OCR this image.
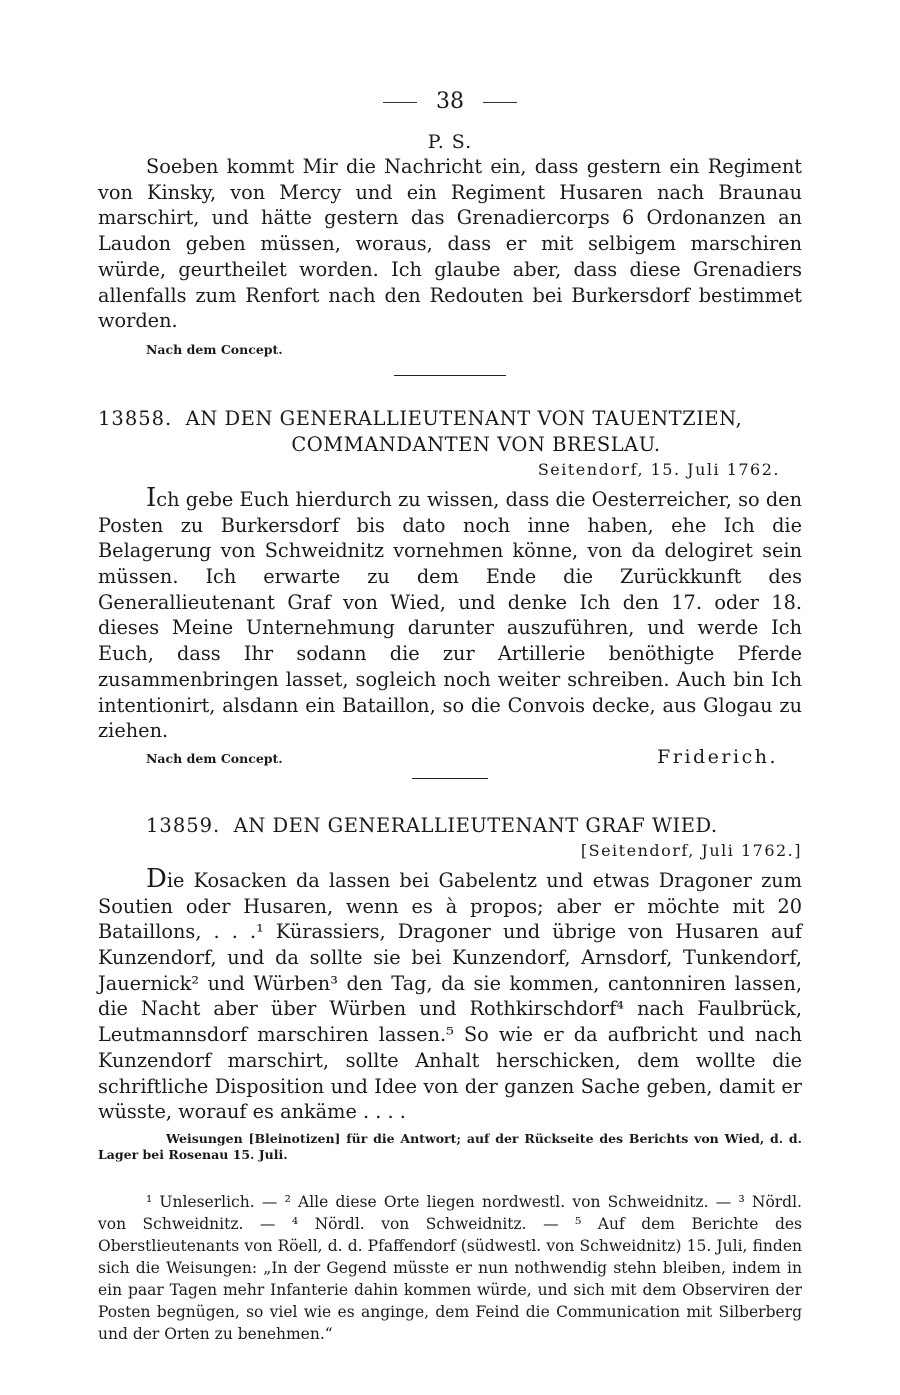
38
P. S.

Soeben kommt Mir die Nachricht ein, dass gestern ein Regiment von Kinsky, von Mercy und ein Regiment Husaren nach Braunau marschirt, und hätte gestern das Grenadiercorps 6 Ordonanzen an Laudon geben müssen, woraus, dass er mit selbigem marschiren würde, geurtheilet worden. Ich glaube aber, dass diese Grenadiers allenfalls zum Renfort nach den Redouten bei Burkersdorf bestimmet worden.

Nach dem Concept.
13858. AN DEN GENERALLIEUTENANT VON TAUENTZIEN,
COMMANDANTEN VON BRESLAU.
Seitendorf, 15. Juli 1762.

Ich gebe Euch hierdurch zu wissen, dass die Oesterreicher, so den Posten zu Burkersdorf bis dato noch inne haben, ehe Ich die Belagerung von Schweidnitz vornehmen könne, von da delogiret sein müssen. Ich erwarte zu dem Ende die Zurückkunft des Generallieutenant Graf von Wied, und denke Ich den 17. oder 18. dieses Meine Unternehmung darunter auszuführen, und werde Ich Euch, dass Ihr sodann die zur Artillerie benöthigte Pferde zusammenbringen lasset, sogleich noch weiter schreiben. Auch bin Ich intentionirt, alsdann ein Bataillon, so die Convois decke, aus Glogau zu ziehen.

Nach dem Concept.	Friderich.
13859. AN DEN GENERALLIEUTENANT GRAF WIED.
[Seitendorf, Juli 1762.]

Die Kosacken da lassen bei Gabelentz und etwas Dragoner zum Soutien oder Husaren, wenn es à propos; aber er möchte mit 20 Bataillons, . . .¹ Kürassiers, Dragoner und übrige von Husaren auf Kunzendorf, und da sollte sie bei Kunzendorf, Arnsdorf, Tunkendorf, Jauernick² und Würben³ den Tag, da sie kommen, cantonniren lassen, die Nacht aber über Würben und Rothkirschdorf⁴ nach Faulbrück, Leutmannsdorf marschiren lassen.⁵ So wie er da aufbricht und nach Kunzendorf marschirt, sollte Anhalt herschicken, dem wollte die schriftliche Disposition und Idee von der ganzen Sache geben, damit er wüsste, worauf es ankäme . . . .

Weisungen [Bleinotizen] für die Antwort; auf der Rückseite des Berichts von Wied, d. d. Lager bei Rosenau 15. Juli.
¹ Unleserlich. — ² Alle diese Orte liegen nordwestl. von Schweidnitz. — ³ Nördl. von Schweidnitz. — ⁴ Nördl. von Schweidnitz. — ⁵ Auf dem Berichte des Oberstlieutenants von Röell, d. d. Pfaffendorf (südwestl. von Schweidnitz) 15. Juli, finden sich die Weisungen: „In der Gegend müsste er nun nothwendig stehn bleiben, indem in ein paar Tagen mehr Infanterie dahin kommen würde, und sich mit dem Observiren der Posten begnügen, so viel wie es anginge, dem Feind die Communication mit Silberberg und der Orten zu benehmen.“
